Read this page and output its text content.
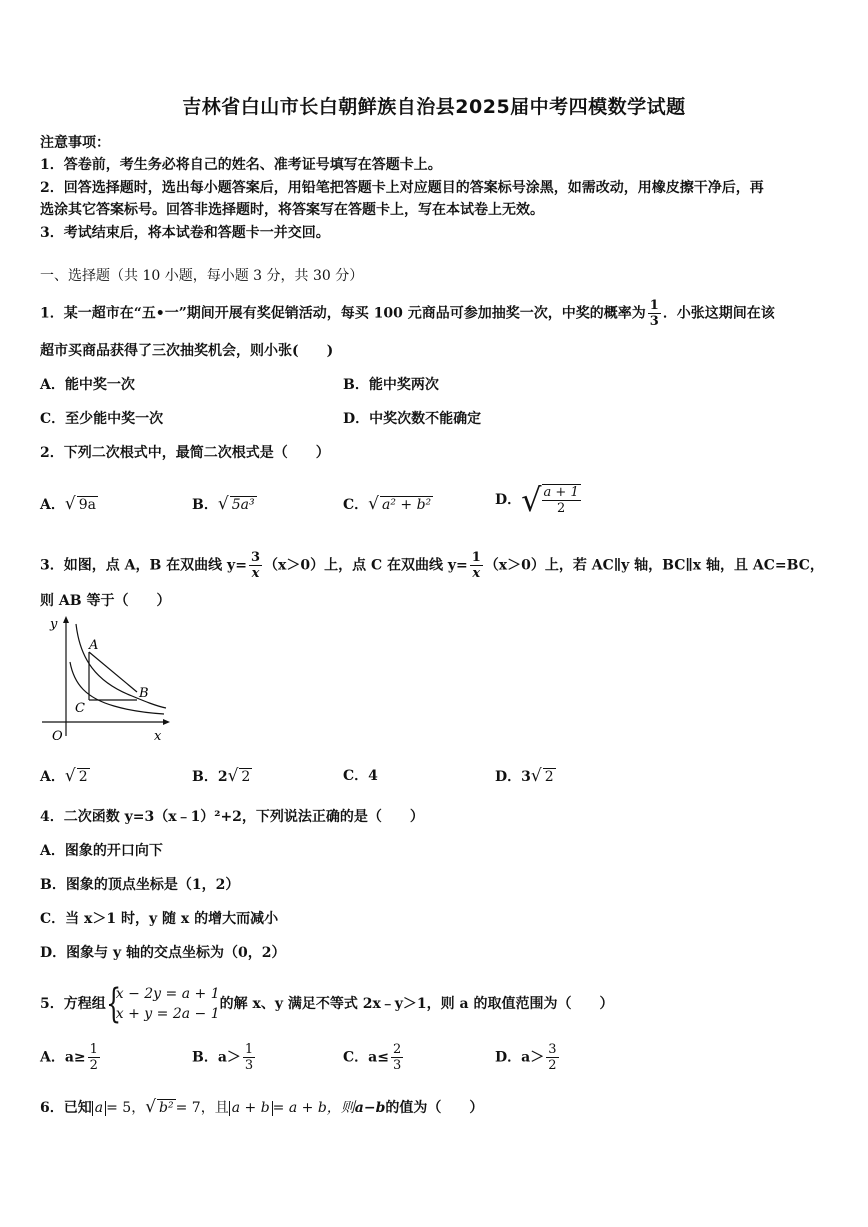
吉林省白山市长白朝鲜族自治县2025届中考四模数学试题
注意事项：
1．答卷前，考生务必将自己的姓名、准考证号填写在答题卡上。
2．回答选择题时，选出每小题答案后，用铅笔把答题卡上对应题目的答案标号涂黑，如需改动，用橡皮擦干净后，再
选涂其它答案标号。回答非选择题时，将答案写在答题卡上，写在本试卷上无效。
3．考试结束后，将本试卷和答题卡一并交回。
一、选择题（共 10 小题，每小题 3 分，共 30 分）
1．某一超市在“五•一”期间开展有奖促销活动，每买 100 元商品可参加抽奖一次，中奖的概率为 $\frac{1}{3}$ ．小张这期间在该
超市买商品获得了三次抽奖机会，则小张(　　)
A．能中奖一次	B．能中奖两次
C．至少能中奖一次	D．中奖次数不能确定
2．下列二次根式中，最简二次根式是（　　）
A．√ 9a	B．√ 5a³	C．√ a² + b²	D．√ $\frac{a + 1}{2}$
3．如图，点 A，B 在双曲线 $y= \frac{3}{x} (x>0)$上，点 C 在双曲线 $y= \frac{1}{x} (x>0)$上，若 AC∥y 轴，BC∥x 轴，且 AC=BC，
则 AB 等于（　　）
y
x
O
A
B
C
A．√ 2	B．2√ 2	C．4	D．3√ 2
4．二次函数 y=3（x﹣1）²+2，下列说法正确的是（　　）
A．图象的开口向下
B．图象的顶点坐标是（1，2）
C．当 x＞1 时，y 随 x 的增大而减小
D．图象与 y 轴的交点坐标为（0，2）
5．方程组 {
x − 2y = a + 1
x + y = 2a − 1
的解 x、y 满足不等式 2x﹣y＞1，则 a 的取值范围为（　　）
A．$a\ge \frac{1}{2}$	B．$a> \frac{1}{3}$	C．$a\le \frac{2}{3}$	D．$a> \frac{3}{2}$
6．已知 a = 5，√ b² = 7，且 a + b = a + b，则a−b的值为（　　）
